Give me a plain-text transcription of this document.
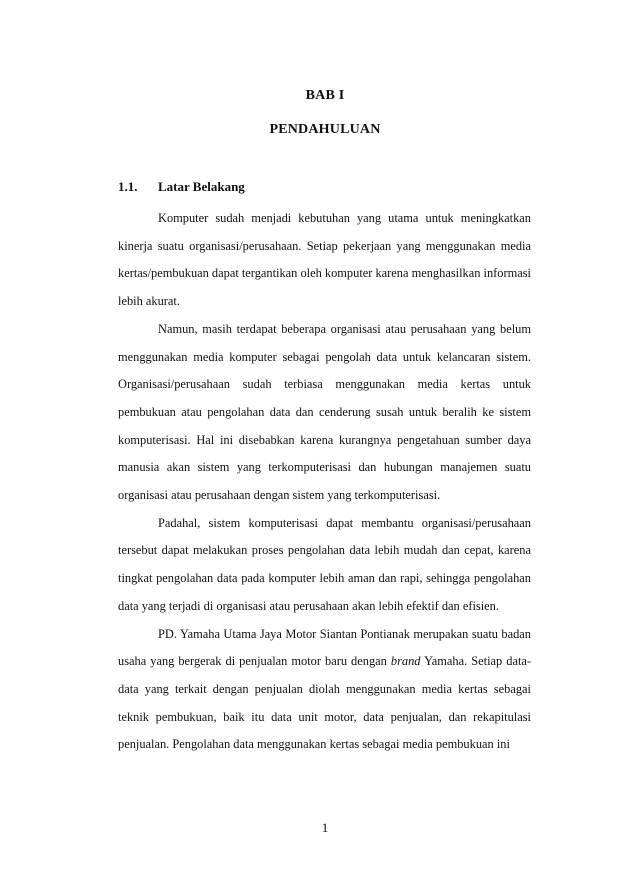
BAB I
PENDAHULUAN
1.1. Latar Belakang

Komputer sudah menjadi kebutuhan yang utama untuk meningkatkan kinerja suatu organisasi/perusahaan. Setiap pekerjaan yang menggunakan media kertas/pembukuan dapat tergantikan oleh komputer karena menghasilkan informasi lebih akurat.

Namun, masih terdapat beberapa organisasi atau perusahaan yang belum menggunakan media komputer sebagai pengolah data untuk kelancaran sistem. Organisasi/perusahaan sudah terbiasa menggunakan media kertas untuk pembukuan atau pengolahan data dan cenderung susah untuk beralih ke sistem komputerisasi. Hal ini disebabkan karena kurangnya pengetahuan sumber daya manusia akan sistem yang terkomputerisasi dan hubungan manajemen suatu organisasi atau perusahaan dengan sistem yang terkomputerisasi.

Padahal, sistem komputerisasi dapat membantu organisasi/perusahaan tersebut dapat melakukan proses pengolahan data lebih mudah dan cepat, karena tingkat pengolahan data pada komputer lebih aman dan rapi, sehingga pengolahan data yang terjadi di organisasi atau perusahaan akan lebih efektif dan efisien.

PD. Yamaha Utama Jaya Motor Siantan Pontianak merupakan suatu badan usaha yang bergerak di penjualan motor baru dengan brand Yamaha. Setiap data-data yang terkait dengan penjualan diolah menggunakan media kertas sebagai teknik pembukuan, baik itu data unit motor, data penjualan, dan rekapitulasi penjualan. Pengolahan data menggunakan kertas sebagai media pembukuan ini

1
